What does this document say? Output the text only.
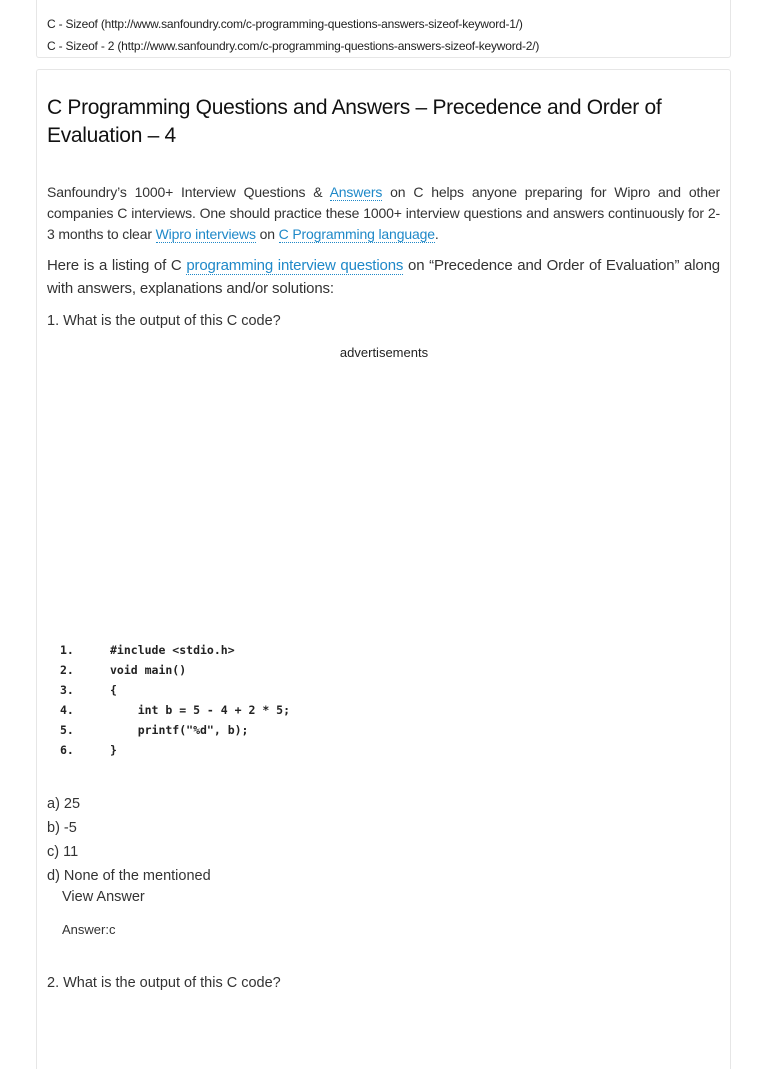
C - Sizeof (http://www.sanfoundry.com/c-programming-questions-answers-sizeof-keyword-1/)
C - Sizeof - 2 (http://www.sanfoundry.com/c-programming-questions-answers-sizeof-keyword-2/)
C Programming Questions and Answers – Precedence and Order of Evaluation – 4

Sanfoundry’s 1000+ Interview Questions & Answers on C helps anyone preparing for Wipro and other companies C interviews. One should practice these 1000+ interview questions and answers continuously for 2-3 months to clear Wipro interviews on C Programming language.

Here is a listing of C programming interview questions on “Precedence and Order of Evaluation” along with answers, explanations and/or solutions:

1. What is the output of this C code?

advertisements
1.	#include <stdio.h>
2.	void main()
3.	{
4.	int b = 5 - 4 + 2 * 5;
5.	printf("%d", b);
6.	}
a) 25
b) -5
c) 11
d) None of the mentioned
View Answer
Answer:c

2. What is the output of this C code?
